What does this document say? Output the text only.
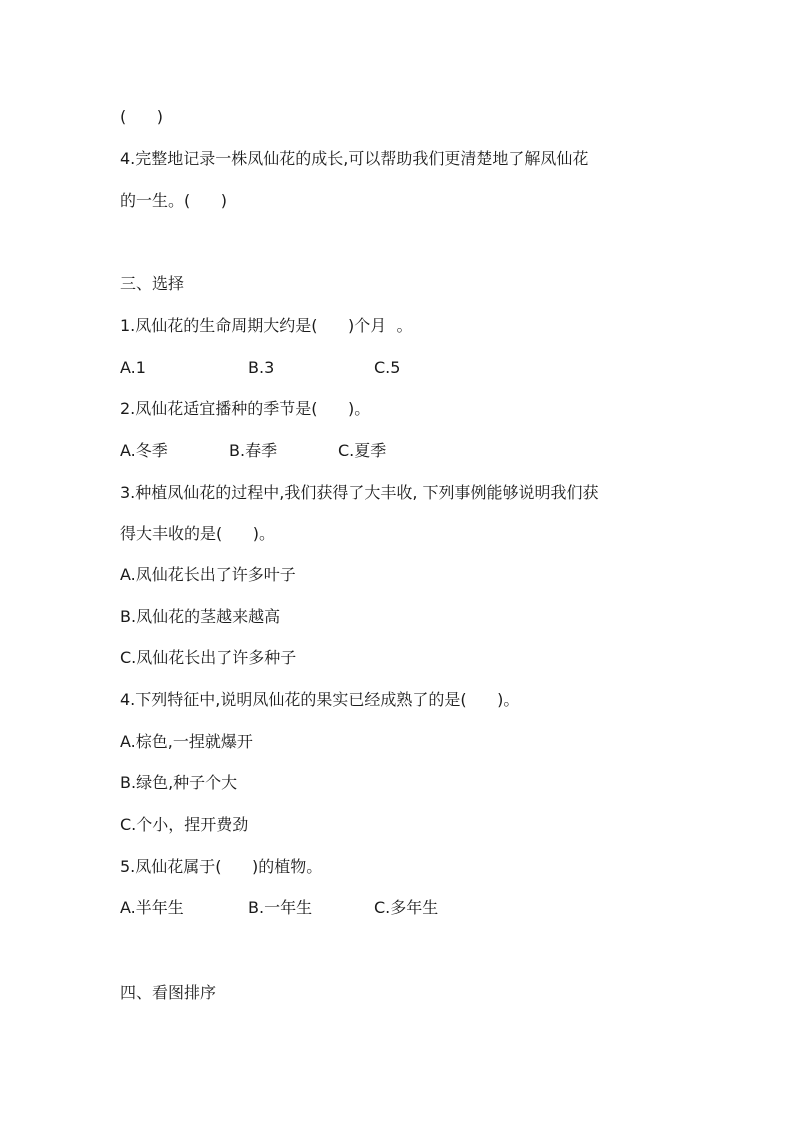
(      )
4.完整地记录一株凤仙花的成长,可以帮助我们更清楚地了解凤仙花
的一生。(      )
三、选择
1.凤仙花的生命周期大约是(      )个月  。
A.1	B.3	C.5
2.凤仙花适宜播种的季节是(      )。
A.冬季	B.春季	C.夏季
3.种植凤仙花的过程中,我们获得了大丰收, 下列事例能够说明我们获
得大丰收的是(      )。
A.凤仙花长出了许多叶子
B.凤仙花的茎越来越高
C.凤仙花长出了许多种子
4.下列特征中,说明凤仙花的果实已经成熟了的是(      )。
A.棕色,一捏就爆开
B.绿色,种子个大
C.个小，捏开费劲
5.凤仙花属于(      )的植物。
A.半年生	B.一年生	C.多年生
四、看图排序
